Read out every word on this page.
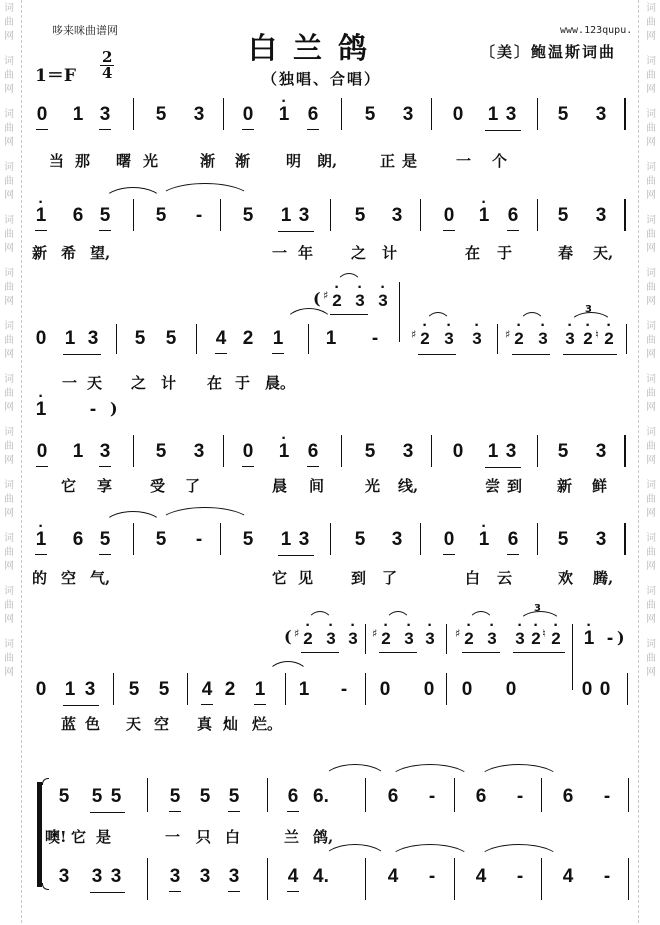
词
曲
网
词
曲
网
词
曲
网
词
曲
网
词
曲
网
词
曲
网
词
曲
网
词
曲
网
词
曲
网
词
曲
网
词
曲
网
词
曲
网
词
曲
网
词
曲
网
词
曲
网
词
曲
网
词
曲
网
词
曲
网
词
曲
网
词
曲
网
词
曲
网
词
曲
网
词
曲
网
词
曲
网
词
曲
网
词
曲
网
哆来咪曲谱网	www.123qupu.
白兰鸽	〔美〕鲍温斯词曲
（独唱、合唱）
1＝F
2
4
0 1 3 5 3 0 · 1 6 5 3 0 1 3 5 3
当 那 曙 光	渐 渐 明 朗,	正 是	一 个
· 1 6 5 5 - 5 1 3 5 3 0 · 1 6 5 3
新 希 望,	一 年	之 计	在 于	春 天,
( ♯ · 2 · 3 · 3
0 1 3 5 5 4 2 1 1 -	♯ · 2 · 3 · 3 ♯ · 2 · 3 · 3 · 2 ♮ · 2
3
一 天 之 计 在 于 晨。
· 1 - )
0 1 3 5 3 0 · 1 6 5 3 0 1 3 5 3
它 享	受 了	晨 间	光 线,	尝 到 新 鲜
· 1 6 5 5 - 5 1 3 5 3 0 · 1 6 5 3
的 空 气,	它 见	到 了	白 云	欢 腾,
( ♯ · 2 · 3 · 3 ♯ · 2 · 3 · 3 ♯ · 2 · 3 · 3 · 2 ♮ · 2
3
· 1 - )
0 1 3 5 5 4 2 1 1 - 0 0 0 0	0 0
蓝 色 天 空 真 灿 烂。
5 5 5	5 5 5	6 6.	6 - 6 - 6 -
噢! 它 是	一 只 白	兰 鸽,
3 3 3	3 3 3	4 4.	4 - 4 - 4 -
